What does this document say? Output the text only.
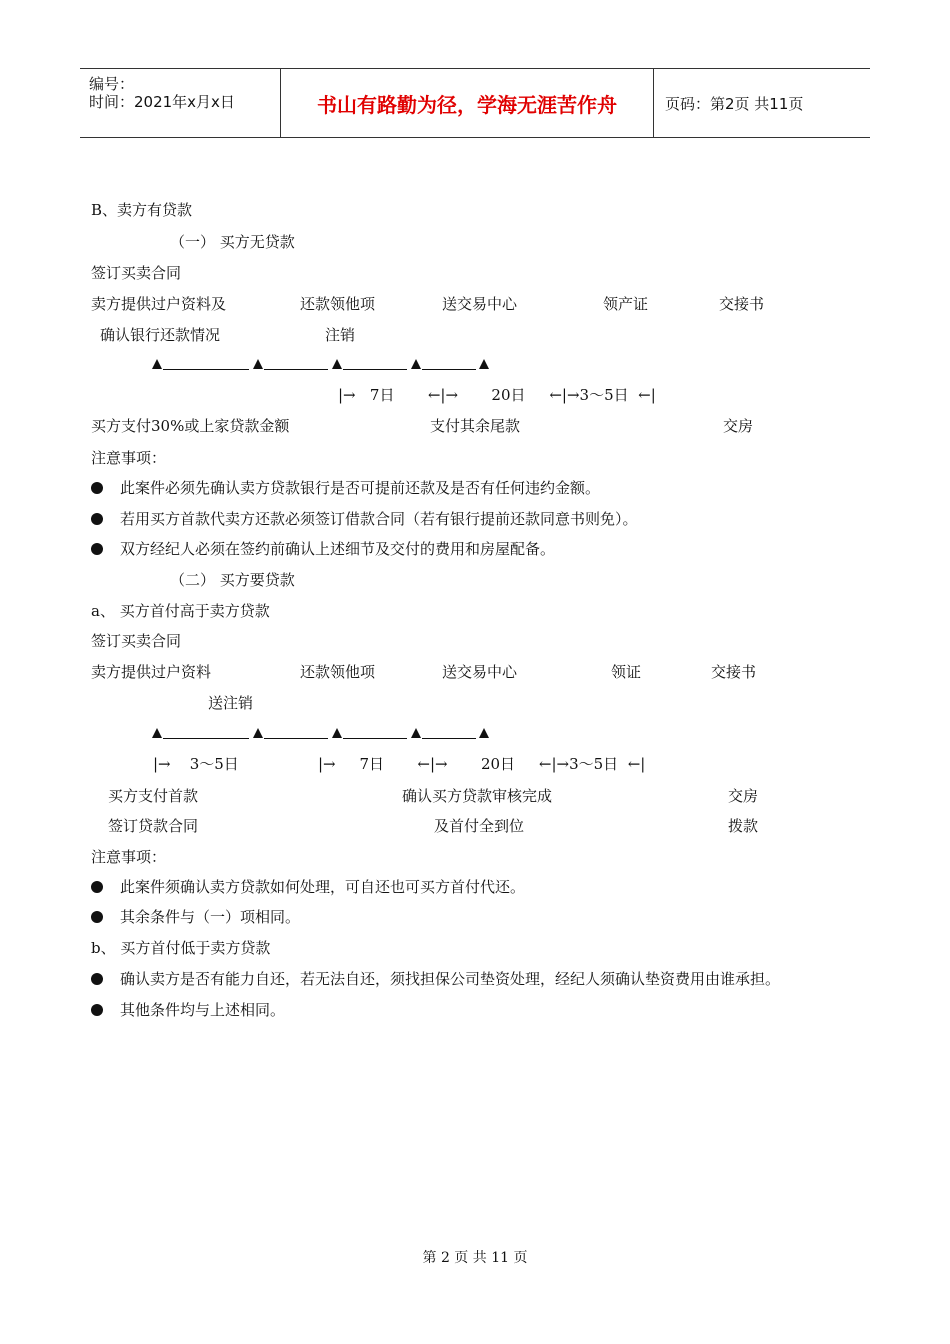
编号：
时间：2021年x月x日	书山有路勤为径，学海无涯苦作舟	页码：第2页 共11页
B、卖方有贷款
（一） 买方无贷款
签订买卖合同
卖方提供过户资料及	还款领他项	送交易中心	领产证	交接书
确认银行还款情况	注销
|→   7日       ←|→       20日     ←|→3～5日  ←|
买方支付30%或上家贷款金额	支付其余尾款	交房
注意事项：
此案件必须先确认卖方贷款银行是否可提前还款及是否有任何违约金额。
若用买方首款代卖方还款必须签订借款合同（若有银行提前还款同意书则免）。
双方经纪人必须在签约前确认上述细节及交付的费用和房屋配备。
（二） 买方要贷款
a、 买方首付高于卖方贷款
签订买卖合同
卖方提供过户资料	还款领他项	送交易中心	领证	交接书
送注销
|→    3～5日	|→     7日       ←|→       20日     ←|→3～5日  ←|
买方支付首款	确认买方贷款审核完成	交房
签订贷款合同	及首付全到位	拨款
注意事项：
此案件须确认卖方贷款如何处理，可自还也可买方首付代还。
其余条件与（一）项相同。
b、 买方首付低于卖方贷款
确认卖方是否有能力自还，若无法自还，须找担保公司垫资处理，经纪人须确认垫资费用由谁承担。
其他条件均与上述相同。
第 2 页 共 11 页
